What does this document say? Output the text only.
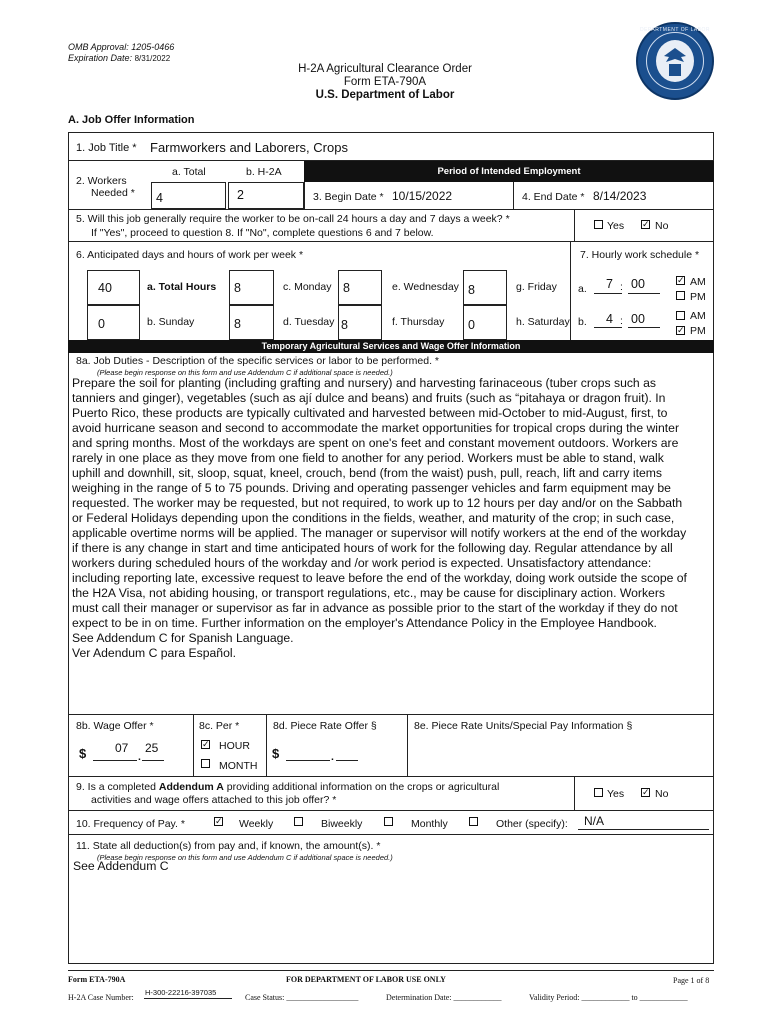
OMB Approval: 1205-0466
Expiration Date: 8/31/2022
H-2A Agricultural Clearance Order
Form ETA-790A
U.S. Department of Labor
DEPARTMENT OF LABOR
A. Job Offer Information
1. Job Title * Farmworkers and Laborers, Crops
2. Workers
Needed *
a. Total	b. H-2A
4	2
Period of Intended Employment
3. Begin Date * 10/15/2022	4. End Date * 8/14/2023
5. Will this job generally require the worker to be on-call 24 hours a day and 7 days a week? *
If "Yes", proceed to question 8. If "No", complete questions 6 and 7 below.
Yes ✓ No
6. Anticipated days and hours of work per week *	7. Hourly work schedule *
40	a. Total Hours 8	c. Monday 8	e. Wednesday 8	g. Friday
0	b. Sunday	8	d. Tuesday 8	f. Thursday 0	h. Saturday
a. 7 : 00	✓ AM
PM
b. 4 : 00	AM
✓ PM
Temporary Agricultural Services and Wage Offer Information
8a. Job Duties - Description of the specific services or labor to be performed. *
(Please begin response on this form and use Addendum C if additional space is needed.)

Prepare the soil for planting (including grafting and nursery) and harvesting farinaceous (tuber crops such as

tanniers and ginger), vegetables (such as ají dulce and beans) and fruits (such as “pitahaya or dragon fruit). In

Puerto Rico, these products are typically cultivated and harvested between mid-October to mid-August, first, to

avoid hurricane season and second to accommodate the market opportunities for tropical crops during the winter

and spring months. Most of the workdays are spent on one's feet and constant movement outdoors. Workers are

rarely in one place as they move from one field to another for any period. Workers must be able to stand, walk

uphill and downhill, sit, sloop, squat, kneel, crouch, bend (from the waist) push, pull, reach, lift and carry items

weighing in the range of 5 to 75 pounds. Driving and operating passenger vehicles and farm equipment may be

requested. The worker may be requested, but not required, to work up to 12 hours per day and/or on the Sabbath

or Federal Holidays depending upon the conditions in the fields, weather, and maturity of the crop; in such case,

applicable overtime norms will be applied. The manager or supervisor will notify workers at the end of the workday

if there is any change in start and time anticipated hours of work for the following day. Regular attendance by all

workers during scheduled hours of the workday and /or work period is expected. Unsatisfactory attendance:

including reporting late, excessive request to leave before the end of the workday, doing work outside the scope of

the H2A Visa, not abiding housing, or transport regulations, etc., may be cause for disciplinary action. Workers

must call their manager or supervisor as far in advance as possible prior to the start of the workday if they do not

expect to be in on time. Further information on the employer's Attendance Policy in the Employee Handbook.

See Addendum C for Spanish Language.

Ver Adendum C para Español.

8b. Wage Offer *
$ 07 25
.
8c. Per *
✓ HOUR
MONTH
8d. Piece Rate Offer §
$	.
8e. Piece Rate Units/Special Pay Information §
9. Is a completed Addendum A providing additional information on the crops or agricultural
activities and wage offers attached to this job offer? *	Yes ✓ No
10. Frequency of Pay. *	✓ Weekly	Biweekly	Monthly	Other (specify): N/A
11. State all deduction(s) from pay and, if known, the amount(s). *
(Please begin response on this form and use Addendum C if additional space is needed.)
See Addendum C
Form ETA-790A	FOR DEPARTMENT OF LABOR USE ONLY	Page 1 of 8
H-2A Case Number:
H-300-22216-397035
Case Status: __________________	Determination Date: ____________	Validity Period: ____________ to ____________
